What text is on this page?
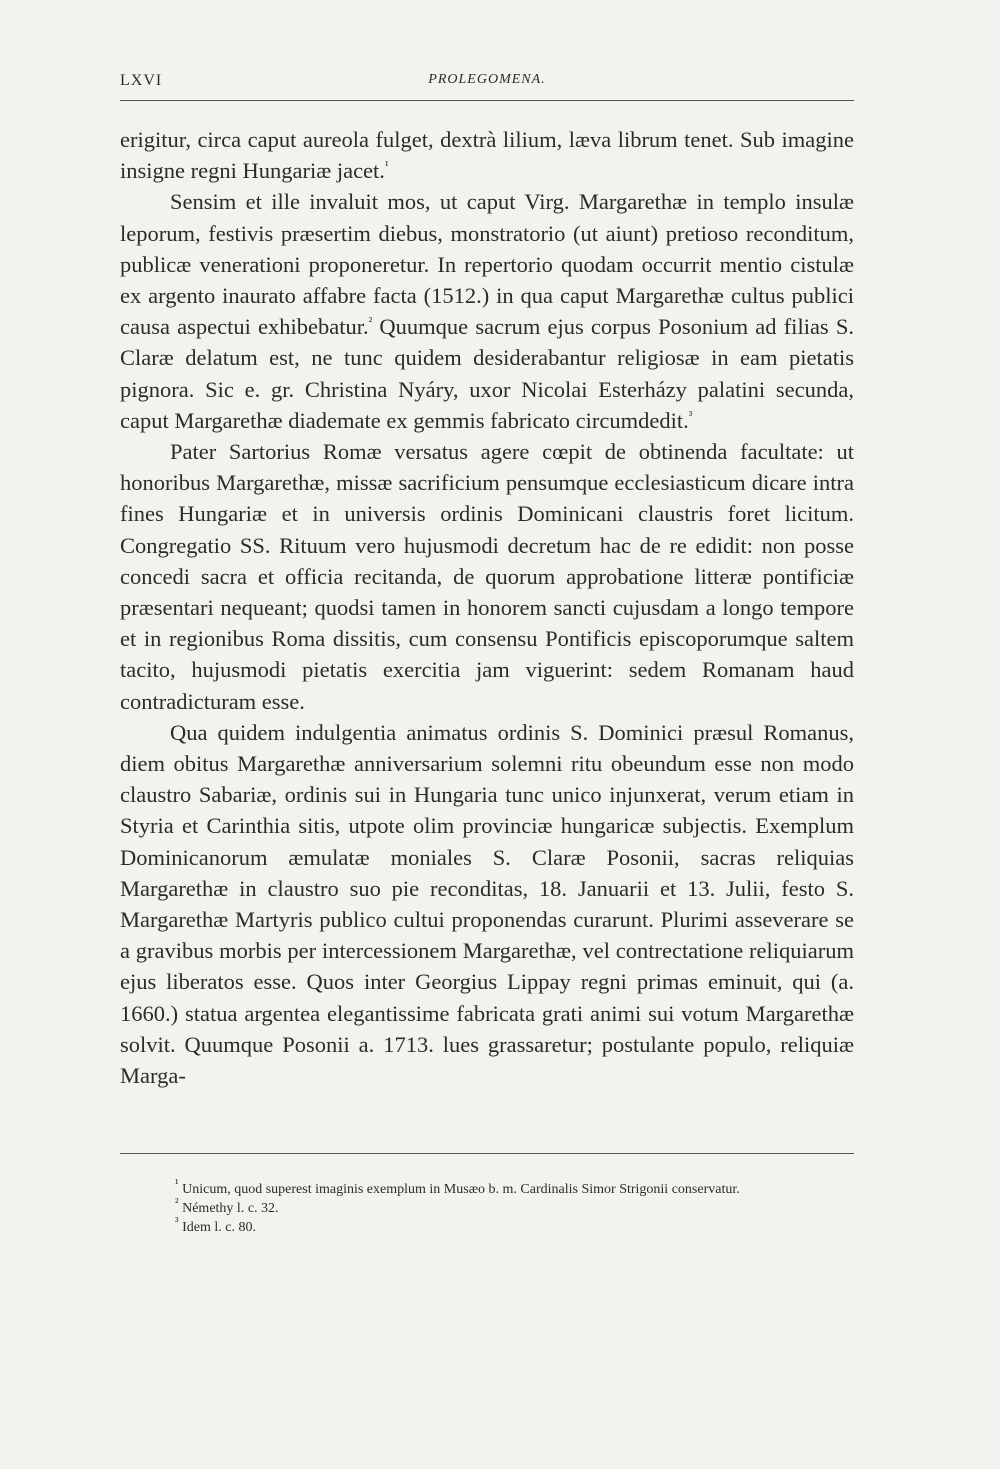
LXVI	PROLEGOMENA.

erigitur, circa caput aureola fulget, dextrà lilium, læva librum tenet. Sub imagine insigne regni Hungariæ jacet.$^{^1}$

Sensim et ille invaluit mos, ut caput Virg. Margarethæ in templo insulæ leporum, festivis præsertim diebus, monstratorio (ut aiunt) pretioso reconditum, publicæ venerationi proponeretur. In repertorio quodam occurrit mentio cistulæ ex argento inaurato affabre facta (1512.) in qua caput Margarethæ cultus publici causa aspectui exhibebatur.$^{^2}$ Quumque sacrum ejus corpus Posonium ad filias S. Claræ delatum est, ne tunc quidem desiderabantur religiosæ in eam pietatis pignora. Sic e. gr. Christina Nyáry, uxor Nicolai Esterházy palatini secunda, caput Margarethæ diademate ex gemmis fabricato circumdedit.$^{^3}$

Pater Sartorius Romæ versatus agere cœpit de obtinenda facultate: ut honoribus Margarethæ, missæ sacrificium pensumque ecclesiasticum dicare intra fines Hungariæ et in universis ordinis Dominicani claustris foret licitum. Congregatio SS. Rituum vero hujusmodi decretum hac de re edidit: non posse concedi sacra et officia recitanda, de quorum approbatione litteræ pontificiæ præsentari nequeant; quodsi tamen in honorem sancti cujusdam a longo tempore et in regionibus Roma dissitis, cum consensu Pontificis episcoporumque saltem tacito, hujusmodi pietatis exercitia jam viguerint: sedem Romanam haud contradicturam esse.

Qua quidem indulgentia animatus ordinis S. Dominici præsul Romanus, diem obitus Margarethæ anniversarium solemni ritu obeundum esse non modo claustro Sabariæ, ordinis sui in Hungaria tunc unico injunxerat, verum etiam in Styria et Carinthia sitis, utpote olim provinciæ hungaricæ subjectis. Exemplum Dominicanorum æmulatæ moniales S. Claræ Posonii, sacras reliquias Margarethæ in claustro suo pie reconditas, 18. Januarii et 13. Julii, festo S. Margarethæ Martyris publico cultui proponendas curarunt. Plurimi asseverare se a gravibus morbis per intercessionem Margarethæ, vel contrectatione reliquiarum ejus liberatos esse. Quos inter Georgius Lippay regni primas eminuit, qui (a. 1660.) statua argentea elegantissime fabricata grati animi sui votum Margarethæ solvit. Quumque Posonii a. 1713. lues grassaretur; postulante populo, reliquiæ Marga-

¹ Unicum, quod superest imaginis exemplum in Musæo b. m. Cardinalis Simor Strigonii conservatur.

² Némethy l. c. 32.

³ Idem l. c. 80.
